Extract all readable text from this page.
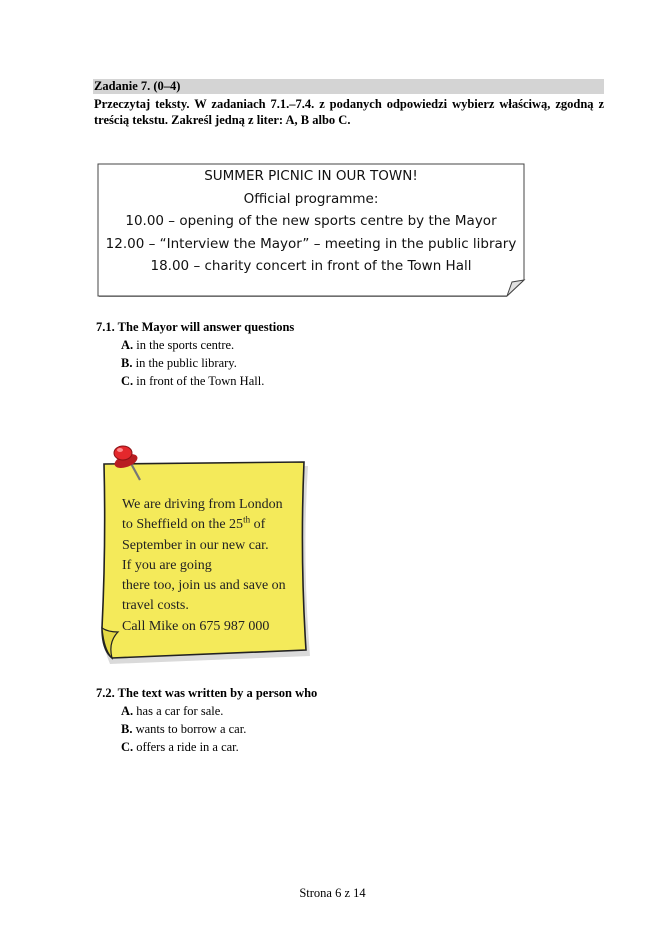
Zadanie 7. (0–4)
Przeczytaj teksty. W zadaniach 7.1.–7.4. z podanych odpowiedzi wybierz właściwą, zgodną z treścią tekstu. Zakreśl jedną z liter: A, B albo C.
SUMMER PICNIC IN OUR TOWN!
Official programme:
10.00 – opening of the new sports centre by the Mayor
12.00 – “Interview the Mayor” – meeting in the public library
18.00 – charity concert in front of the Town Hall
7.1. The Mayor will answer questions
A. in the sports centre.
B. in the public library.
C. in front of the Town Hall.
We are driving from London
to Sheffield on the 25th of
September in our new car.
If you are going
there too, join us and save on
travel costs.
Call Mike on 675 987 000
7.2. The text was written by a person who
A. has a car for sale.
B. wants to borrow a car.
C. offers a ride in a car.
Strona 6 z 14
